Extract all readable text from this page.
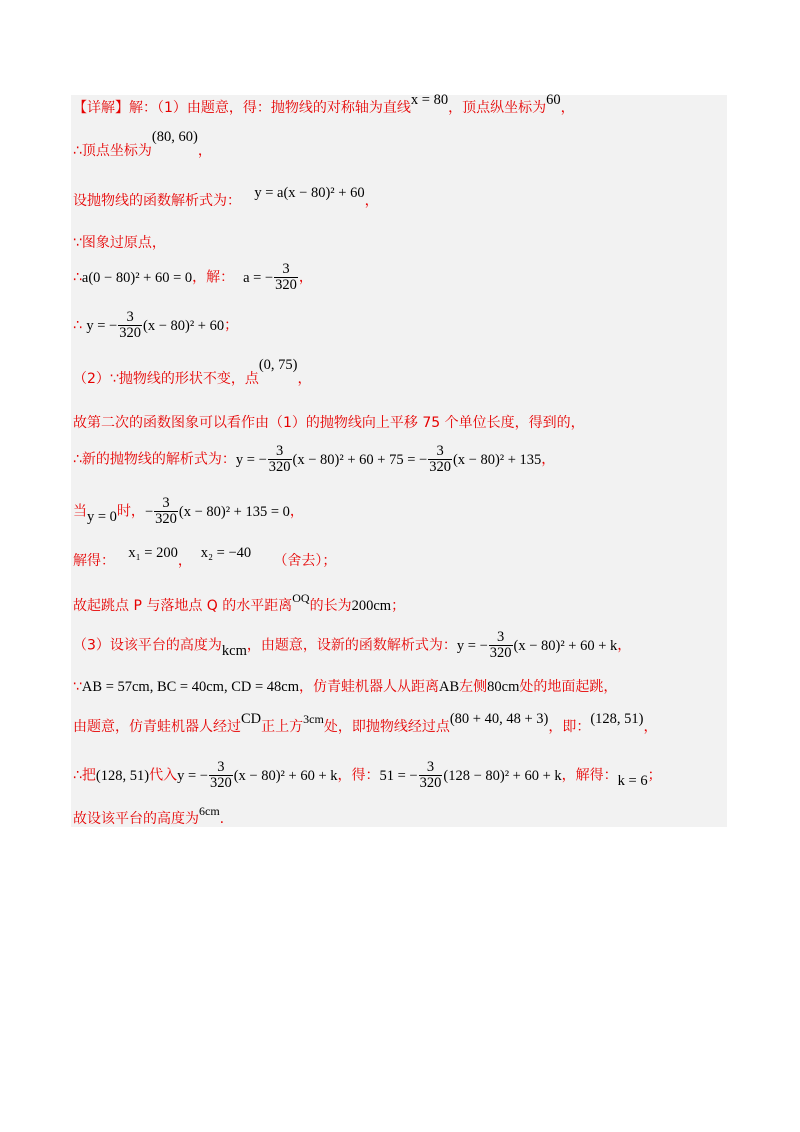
【详解】解：（1）由题意，得：抛物线的对称轴为直线x = 80，顶点纵坐标为60，
∴顶点坐标为(80, 60)，
设抛物线的函数解析式为： y = a(x − 80)² + 60，
∵图象过原点，
∴a(0 − 80)² + 60 = 0，解： a = − $\frac{3}{320}$ ，
∴ y = − $\frac{3}{320} (x - 80)^2 + 60$；
（2）∵抛物线的形状不变，点(0, 75)，
故第二次的函数图象可以看作由（1）的抛物线向上平移 75 个单位长度，得到的，
∴新的抛物线的解析式为：y = − $\frac{3}{320} (x - 80)^2 + 60 + 75$ = − $\frac{3}{320} (x - 80)^2 + 135$，
当y = 0时，− $\frac{3}{320} (x - 80)^2 + 135 = 0$，
解得： x₁ = 200， x₂ = −40 （舍去）；
故起跳点 P 与落地点 Q 的水平距离OQ的长为200cm；
（3）设该平台的高度为kcm，由题意，设新的函数解析式为：y = − $\frac{3}{320} (x - 80)^2 + 60 + k$，
∵AB = 57cm, BC = 40cm, CD = 48cm，仿青蛙机器人从距离AB左侧80cm处的地面起跳，
由题意，仿青蛙机器人经过CD正上方3cm处，即抛物线经过点(80 + 40, 48 + 3)，即：(128, 51)，
∴把(128, 51)代入y = − $\frac{3}{320} (x - 80)^2 + 60 + k$，得：51 = − $\frac{3}{320} (128 - 80)^2 + 60 + k$，解得：k = 6；
故设该平台的高度为6cm.
